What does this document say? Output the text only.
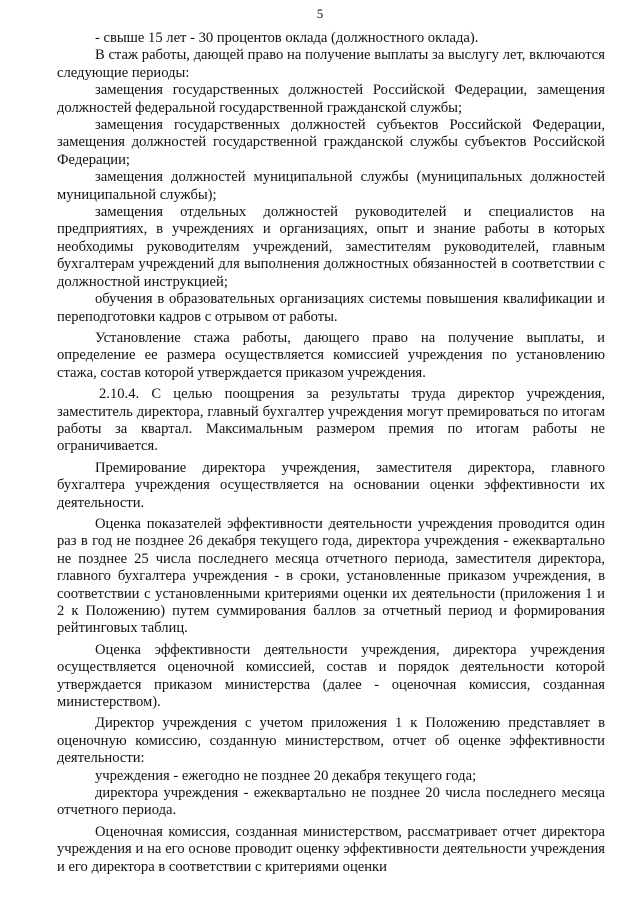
5

- свыше 15 лет - 30 процентов оклада (должностного оклада).

В стаж работы, дающей право на получение выплаты за выслугу лет, включаются следующие периоды:

замещения государственных должностей Российской Федерации, замещения должностей федеральной государственной гражданской службы;

замещения государственных должностей субъектов Российской Федерации, замещения должностей государственной гражданской службы субъектов Российской Федерации;

замещения должностей муниципальной службы (муниципальных должностей муниципальной службы);

замещения отдельных должностей руководителей и специалистов на предприятиях, в учреждениях и организациях, опыт и знание работы в которых необходимы руководителям учреждений, заместителям руководителей, главным бухгалтерам учреждений для выполнения должностных обязанностей в соответствии с должностной инструкцией;

обучения в образовательных организациях системы повышения квалификации и переподготовки кадров с отрывом от работы.

Установление стажа работы, дающего право на получение выплаты, и определение ее размера осуществляется комиссией учреждения по установлению стажа, состав которой утверждается приказом учреждения.

2.10.4. С целью поощрения за результаты труда директор учреждения, заместитель директора, главный бухгалтер учреждения могут премироваться по итогам работы за квартал. Максимальным размером премия по итогам работы не ограничивается.

Премирование директора учреждения, заместителя директора, главного бухгалтера учреждения осуществляется на основании оценки эффективности их деятельности.

Оценка показателей эффективности деятельности учреждения проводится один раз в год не позднее 26 декабря текущего года, директора учреждения - ежеквартально не позднее 25 числа последнего месяца отчетного периода, заместителя директора, главного бухгалтера учреждения - в сроки, установленные приказом учреждения, в соответствии с установленными критериями оценки их деятельности (приложения 1 и 2 к Положению) путем суммирования баллов за отчетный период и формирования рейтинговых таблиц.

Оценка эффективности деятельности учреждения, директора учреждения осуществляется оценочной комиссией, состав и порядок деятельности которой утверждается приказом министерства (далее - оценочная комиссия, созданная министерством).

Директор учреждения с учетом приложения 1 к Положению представляет в оценочную комиссию, созданную министерством, отчет об оценке эффективности деятельности:

учреждения - ежегодно не позднее 20 декабря текущего года;

директора учреждения - ежеквартально не позднее 20 числа последнего месяца отчетного периода.

Оценочная комиссия, созданная министерством, рассматривает отчет директора учреждения и на его основе проводит оценку эффективности деятельности учреждения и его директора в соответствии с критериями оценки
